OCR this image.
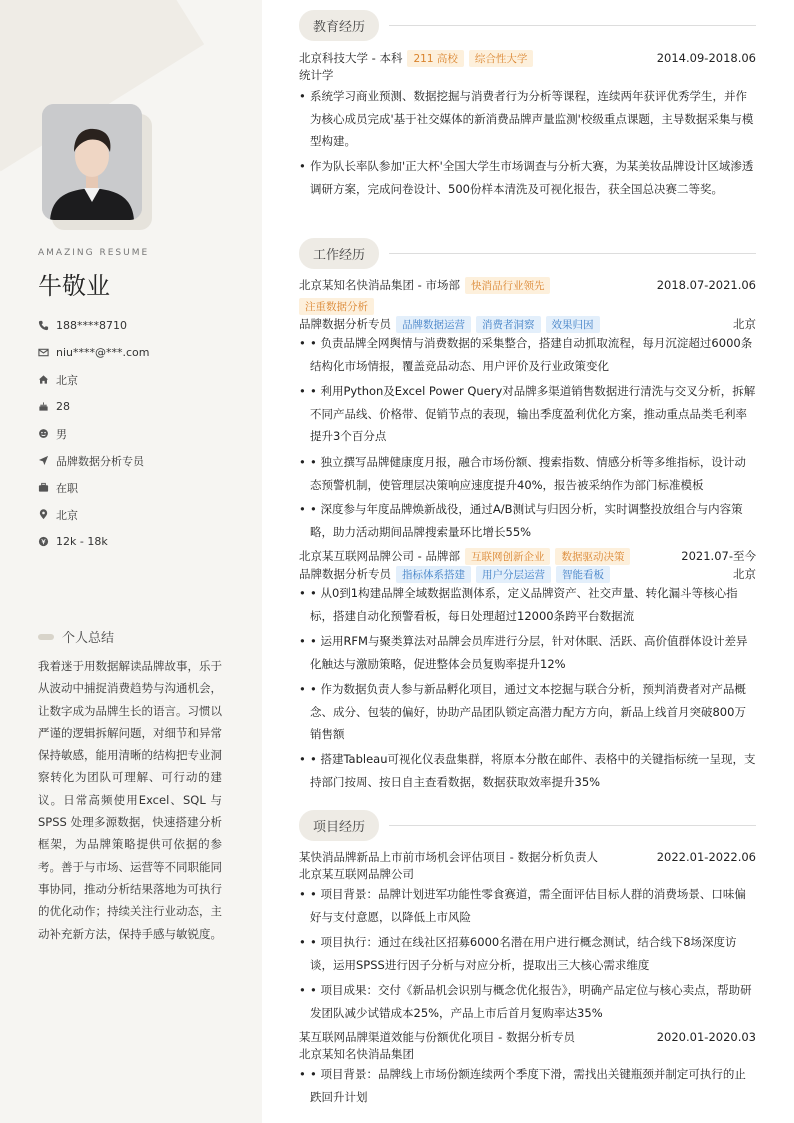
AMAZING RESUME
牛敬业
188****8710
niu****@***.com
北京
28
男
品牌数据分析专员
在职
北京
12k - 18k
个人总结
我着迷于用数据解读品牌故事，乐于从波动中捕捉消费趋势与沟通机会，让数字成为品牌生长的语言。习惯以严谨的逻辑拆解问题，对细节和异常保持敏感，能用清晰的结构把专业洞察转化为团队可理解、可行动的建议。日常高频使用Excel、SQL 与 SPSS 处理多源数据，快速搭建分析框架，为品牌策略提供可依据的参考。善于与市场、运营等不同职能同事协同，推动分析结果落地为可执行的优化动作；持续关注行业动态，主动补充新方法，保持手感与敏锐度。
教育经历
北京科技大学 - 本科	211 高校	综合性大学	2014.09-2018.06
统计学
• 系统学习商业预测、数据挖掘与消费者行为分析等课程，连续两年获评优秀学生，并作为核心成员完成'基于社交媒体的新消费品牌声量监测'校级重点课题，主导数据采集与模型构建。
• 作为队长率队参加'正大杯'全国大学生市场调查与分析大赛，为某美妆品牌设计区域渗透调研方案，完成问卷设计、500份样本清洗及可视化报告，获全国总决赛二等奖。
工作经历
北京某知名快消品集团 - 市场部	快消品行业领先	2018.07-2021.06
注重数据分析
品牌数据分析专员	品牌数据运营	消费者洞察	效果归因	北京
• • 负责品牌全网舆情与消费数据的采集整合，搭建自动抓取流程，每月沉淀超过6000条结构化市场情报，覆盖竞品动态、用户评价及行业政策变化
• • 利用Python及Excel Power Query对品牌多渠道销售数据进行清洗与交叉分析，拆解不同产品线、价格带、促销节点的表现，输出季度盈利优化方案，推动重点品类毛利率提升3个百分点
• • 独立撰写品牌健康度月报，融合市场份额、搜索指数、情感分析等多维指标，设计动态预警机制，使管理层决策响应速度提升40%，报告被采纳作为部门标准模板
• • 深度参与年度品牌焕新战役，通过A/B测试与归因分析，实时调整投放组合与内容策略，助力活动期间品牌搜索量环比增长55%
北京某互联网品牌公司 - 品牌部	互联网创新企业	数据驱动决策	2021.07-至今
品牌数据分析专员	指标体系搭建	用户分层运营	智能看板	北京
• • 从0到1构建品牌全域数据监测体系，定义品牌资产、社交声量、转化漏斗等核心指标，搭建自动化预警看板，每日处理超过12000条跨平台数据流
• • 运用RFM与聚类算法对品牌会员库进行分层，针对休眠、活跃、高价值群体设计差异化触达与激励策略，促进整体会员复购率提升12%
• • 作为数据负责人参与新品孵化项目，通过文本挖掘与联合分析，预判消费者对产品概念、成分、包装的偏好，协助产品团队锁定高潜力配方方向，新品上线首月突破800万销售额
• • 搭建Tableau可视化仪表盘集群，将原本分散在邮件、表格中的关键指标统一呈现，支持部门按周、按日自主查看数据，数据获取效率提升35%
项目经历
某快消品牌新品上市前市场机会评估项目 - 数据分析负责人	2022.01-2022.06
北京某互联网品牌公司
• • 项目背景：品牌计划进军功能性零食赛道，需全面评估目标人群的消费场景、口味偏好与支付意愿，以降低上市风险
• • 项目执行：通过在线社区招募6000名潜在用户进行概念测试，结合线下8场深度访谈，运用SPSS进行因子分析与对应分析，提取出三大核心需求维度
• • 项目成果：交付《新品机会识别与概念优化报告》，明确产品定位与核心卖点，帮助研发团队减少试错成本25%，产品上市后首月复购率达35%
某互联网品牌渠道效能与份额优化项目 - 数据分析专员	2020.01-2020.03
北京某知名快消品集团
• • 项目背景：品牌线上市场份额连续两个季度下滑，需找出关键瓶颈并制定可执行的止跌回升计划
